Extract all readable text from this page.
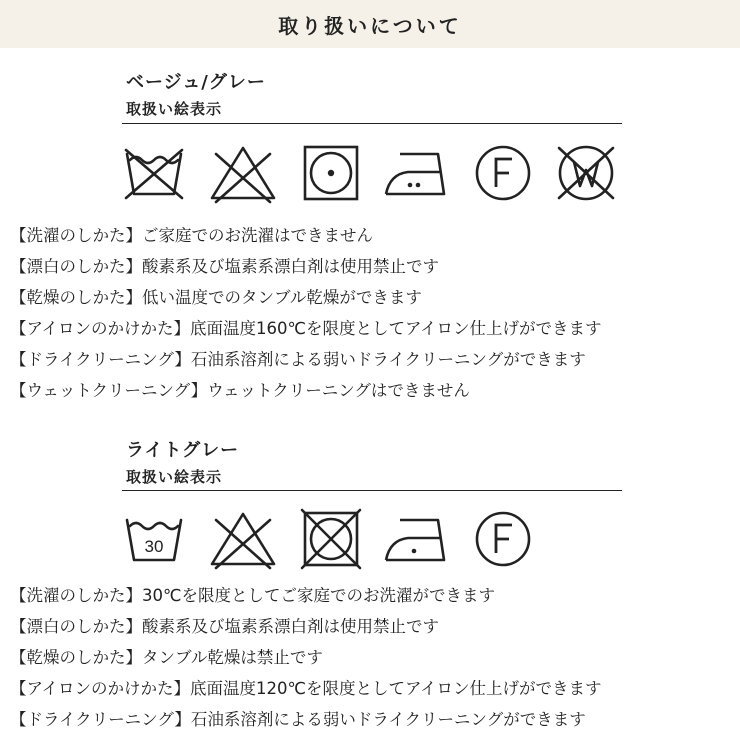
取り扱いについて
ベージュ/グレー
取扱い絵表示
【洗濯のしかた】 ご家庭でのお洗濯はできません
【漂白のしかた】 酸素系及び塩素系漂白剤は使用禁止です
【乾燥のしかた】 低い温度でのタンブル乾燥ができます
【アイロンのかけかた】 底面温度160℃を限度としてアイロン仕上げができます
【ドライクリーニング】 石油系溶剤による弱いドライクリーニングができます
【ウェットクリーニング】 ウェットクリーニングはできません
ライトグレー
取扱い絵表示
30
【洗濯のしかた】 30℃を限度としてご家庭でのお洗濯ができます
【漂白のしかた】 酸素系及び塩素系漂白剤は使用禁止です
【乾燥のしかた】 タンブル乾燥は禁止です
【アイロンのかけかた】 底面温度120℃を限度としてアイロン仕上げができます
【ドライクリーニング】 石油系溶剤による弱いドライクリーニングができます
